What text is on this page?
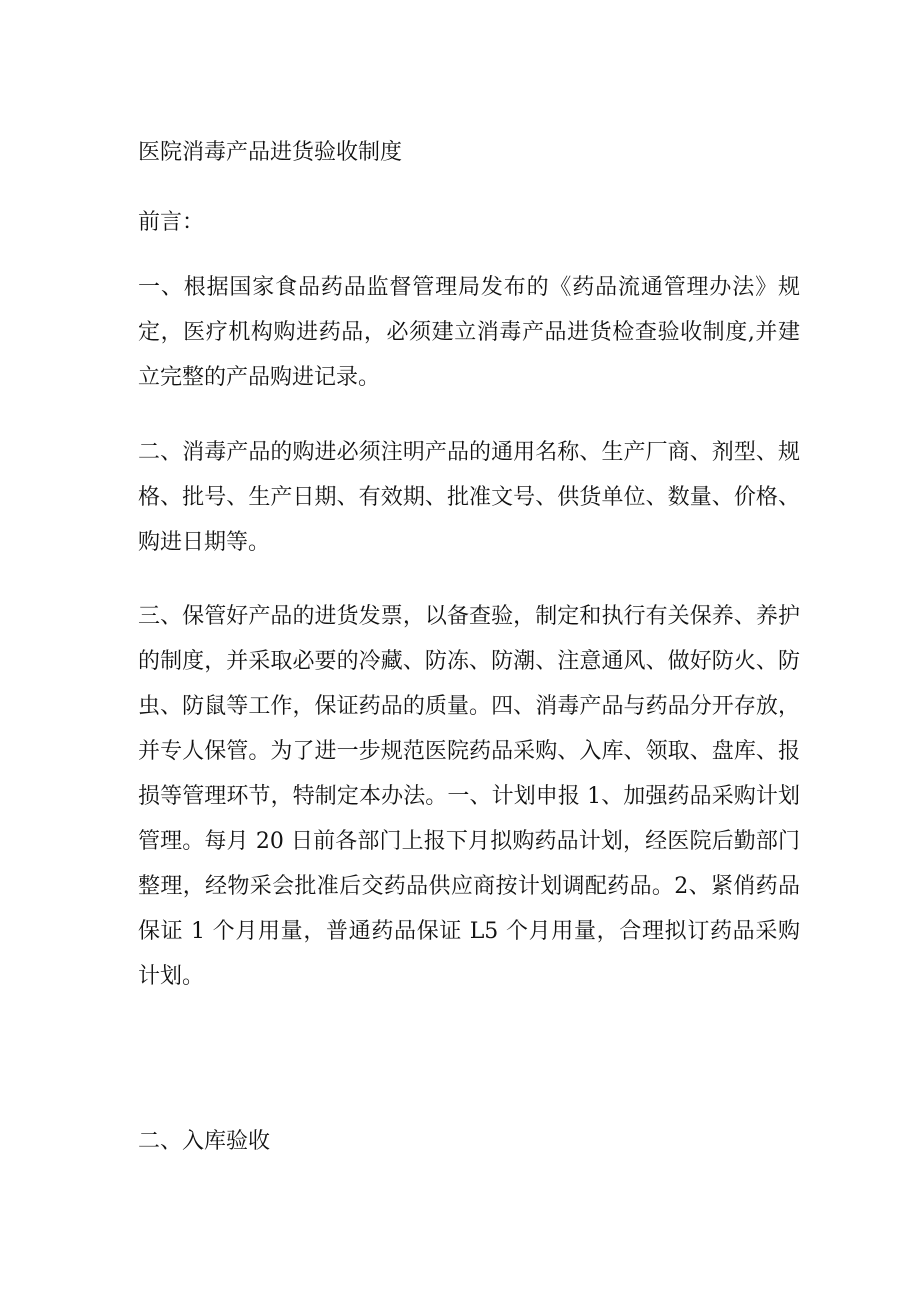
医院消毒产品进货验收制度

前言：

一、根据国家食品药品监督管理局发布的《药品流通管理办法》规定，医疗机构购进药品，必须建立消毒产品进货检查验收制度,并建立完整的产品购进记录。

二、消毒产品的购进必须注明产品的通用名称、生产厂商、剂型、规格、批号、生产日期、有效期、批准文号、供货单位、数量、价格、购进日期等。

三、保管好产品的进货发票，以备查验，制定和执行有关保养、养护的制度，并采取必要的冷藏、防冻、防潮、注意通风、做好防火、防虫、防鼠等工作，保证药品的质量。四、消毒产品与药品分开存放，并专人保管。为了进一步规范医院药品采购、入库、领取、盘库、报损等管理环节，特制定本办法。一、计划申报 1、加强药品采购计划管理。每月 20 日前各部门上报下月拟购药品计划，经医院后勤部门整理，经物采会批准后交药品供应商按计划调配药品。2、紧俏药品保证 1 个月用量，普通药品保证 L5 个月用量，合理拟订药品采购计划。

二、入库验收
